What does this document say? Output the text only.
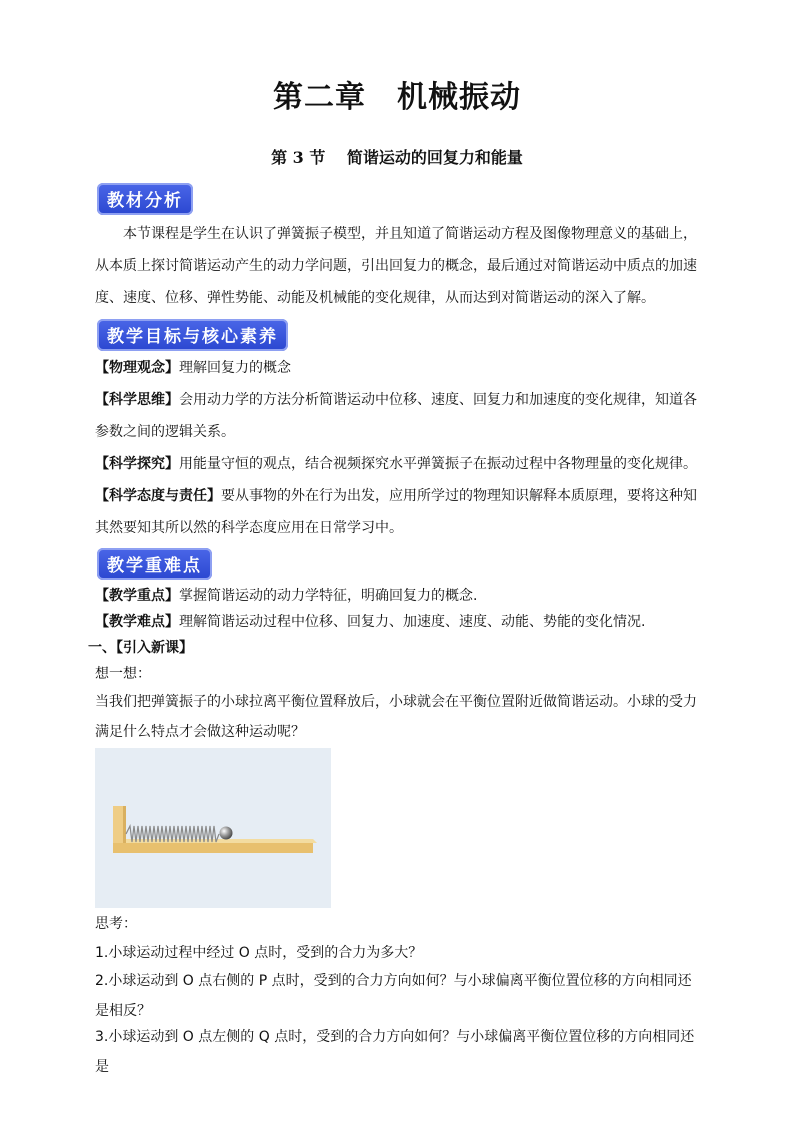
第二章　机械振动
第 3 节　 简谐运动的回复力和能量
教材分析
本节课程是学生在认识了弹簧振子模型，并且知道了简谐运动方程及图像物理意义的基础上，从本质上探讨简谐运动产生的动力学问题，引出回复力的概念，最后通过对简谐运动中质点的加速度、速度、位移、弹性势能、动能及机械能的变化规律，从而达到对简谐运动的深入了解。
教学目标与核心素养
【物理观念】理解回复力的概念
【科学思维】会用动力学的方法分析简谐运动中位移、速度、回复力和加速度的变化规律，知道各参数之间的逻辑关系。
【科学探究】用能量守恒的观点，结合视频探究水平弹簧振子在振动过程中各物理量的变化规律。
【科学态度与责任】要从事物的外在行为出发，应用所学过的物理知识解释本质原理，要将这种知其然要知其所以然的科学态度应用在日常学习中。
教学重难点
【教学重点】掌握简谐运动的动力学特征，明确回复力的概念.
【教学难点】理解简谐运动过程中位移、回复力、加速度、速度、动能、势能的变化情况.
一、【引入新课】
想一想：
当我们把弹簧振子的小球拉离平衡位置释放后，小球就会在平衡位置附近做简谐运动。小球的受力满足什么特点才会做这种运动呢？
思考：
1.小球运动过程中经过 O 点时，受到的合力为多大？
2.小球运动到 O 点右侧的 P 点时，受到的合力方向如何？与小球偏离平衡位置位移的方向相同还是相反？
3.小球运动到 O 点左侧的 Q 点时，受到的合力方向如何？与小球偏离平衡位置位移的方向相同还是
